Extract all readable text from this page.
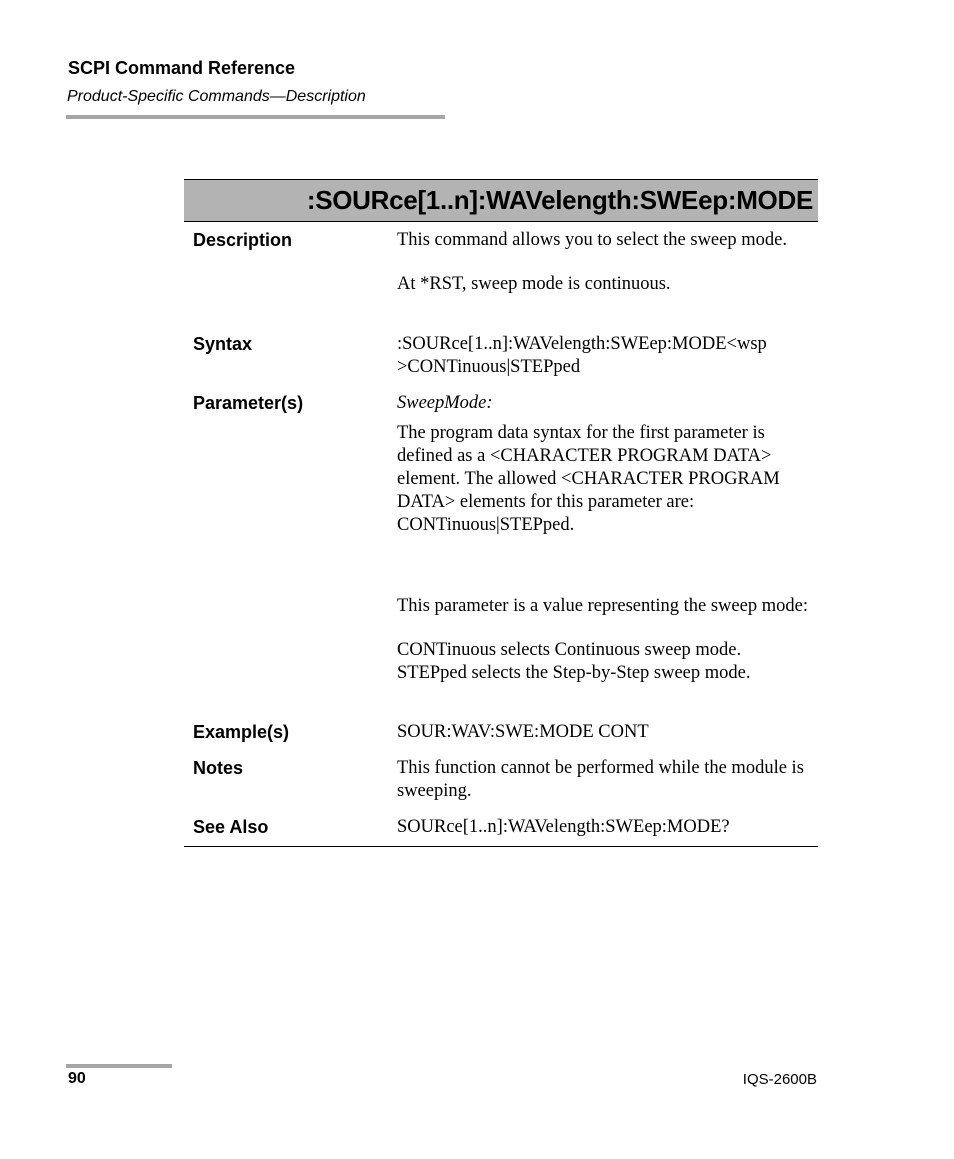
SCPI Command Reference
Product-Specific Commands—Description
:SOURce[1..n]:WAVelength:SWEep:MODE
Description	This command allows you to select the sweep mode.

At *RST, sweep mode is continuous.

Syntax	:SOURce[1..n]:WAVelength:SWEep:MODE<wsp

>CONTinuous|STEPped

Parameter(s)	SweepMode:

The program data syntax for the first parameter is defined as a <CHARACTER PROGRAM DATA> element. The allowed <CHARACTER PROGRAM DATA> elements for this parameter are: CONTinuous|STEPped.

This parameter is a value representing the sweep mode:

CONTinuous selects Continuous sweep mode.

STEPped selects the Step-by-Step sweep mode.

Example(s)	SOUR:WAV:SWE:MODE CONT
Notes	This function cannot be performed while the module is sweeping.
See Also	SOURce[1..n]:WAVelength:SWEep:MODE?
90	IQS-2600B
